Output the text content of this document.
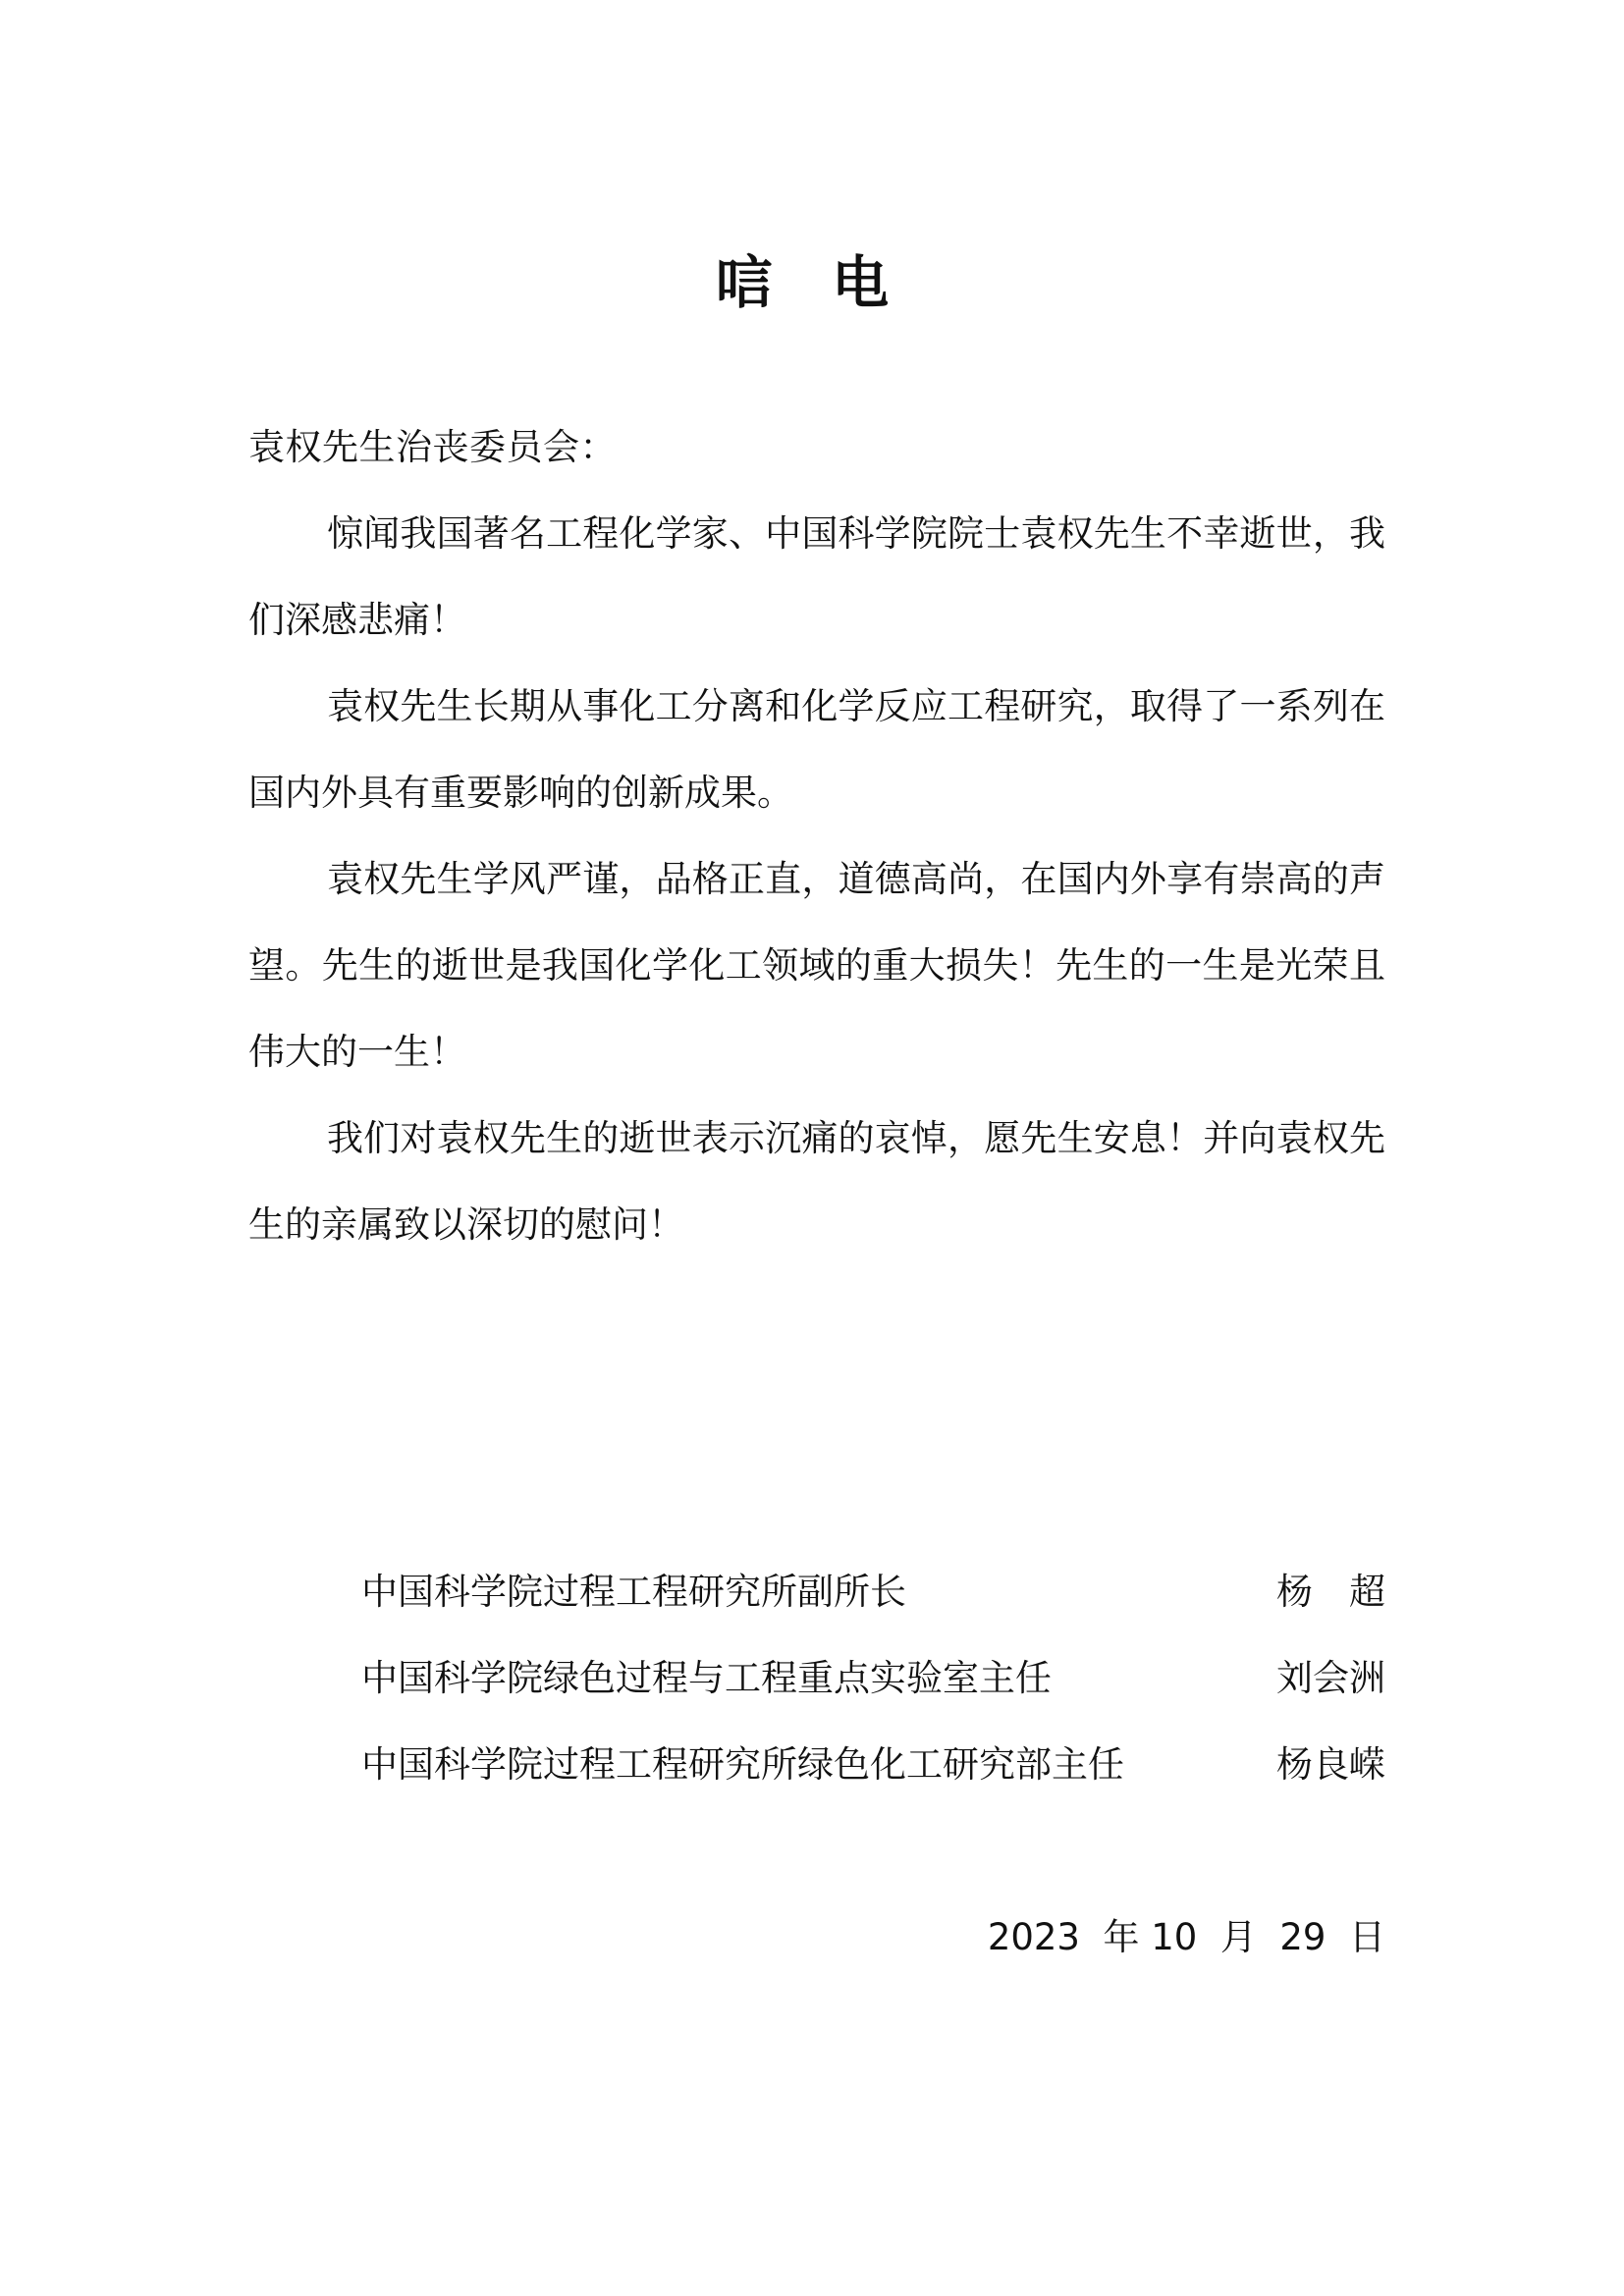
唁 电
袁权先生治丧委员会：

惊闻我国著名工程化学家、中国科学院院士袁权先生不幸逝世，我们深感悲痛！

袁权先生长期从事化工分离和化学反应工程研究，取得了一系列在国内外具有重要影响的创新成果。

袁权先生学风严谨，品格正直，道德高尚，在国内外享有崇高的声望。先生的逝世是我国化学化工领域的重大损失！先生的一生是光荣且伟大的一生！

我们对袁权先生的逝世表示沉痛的哀悼，愿先生安息！并向袁权先生的亲属致以深切的慰问！

中国科学院过程工程研究所副所长	杨　超
中国科学院绿色过程与工程重点实验室主任	刘会洲
中国科学院过程工程研究所绿色化工研究部主任	杨良嵘
2023  年 10  月  29  日
